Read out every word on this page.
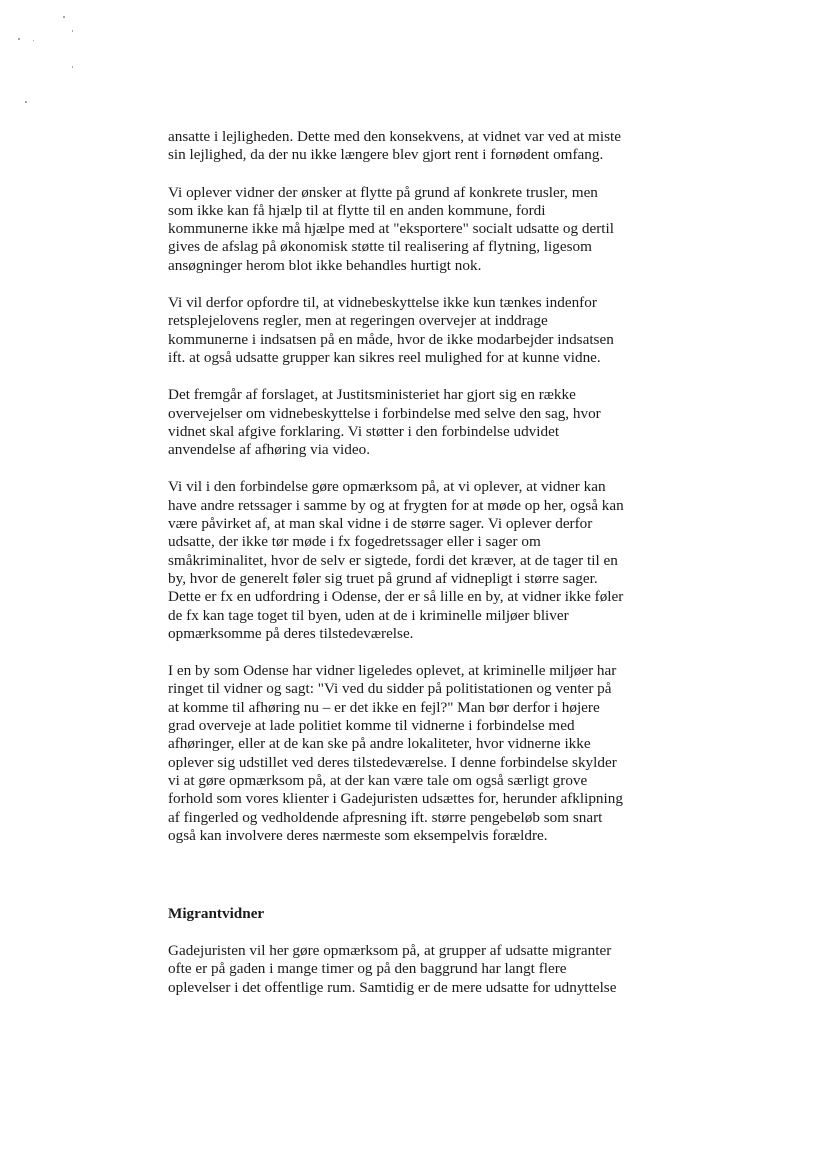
ansatte i lejligheden. Dette med den konsekvens, at vidnet var ved at miste
sin lejlighed, da der nu ikke længere blev gjort rent i fornødent omfang.

Vi oplever vidner der ønsker at flytte på grund af konkrete trusler, men
som ikke kan få hjælp til at flytte til en anden kommune, fordi
kommunerne ikke må hjælpe med at "eksportere" socialt udsatte og dertil
gives de afslag på økonomisk støtte til realisering af flytning, ligesom
ansøgninger herom blot ikke behandles hurtigt nok.

Vi vil derfor opfordre til, at vidnebeskyttelse ikke kun tænkes indenfor
retsplejelovens regler, men at regeringen overvejer at inddrage
kommunerne i indsatsen på en måde, hvor de ikke modarbejder indsatsen
ift. at også udsatte grupper kan sikres reel mulighed for at kunne vidne.

Det fremgår af forslaget, at Justitsministeriet har gjort sig en række
overvejelser om vidnebeskyttelse i forbindelse med selve den sag, hvor
vidnet skal afgive forklaring. Vi støtter i den forbindelse udvidet
anvendelse af afhøring via video.

Vi vil i den forbindelse gøre opmærksom på, at vi oplever, at vidner kan
have andre retssager i samme by og at frygten for at møde op her, også kan
være påvirket af, at man skal vidne i de større sager. Vi oplever derfor
udsatte, der ikke tør møde i fx fogedretssager eller i sager om
småkriminalitet, hvor de selv er sigtede, fordi det kræver, at de tager til en
by, hvor de generelt føler sig truet på grund af vidnepligt i større sager.
Dette er fx en udfordring i Odense, der er så lille en by, at vidner ikke føler
de fx kan tage toget til byen, uden at de i kriminelle miljøer bliver
opmærksomme på deres tilstedeværelse.

I en by som Odense har vidner ligeledes oplevet, at kriminelle miljøer har
ringet til vidner og sagt: "Vi ved du sidder på politistationen og venter på
at komme til afhøring nu – er det ikke en fejl?" Man bør derfor i højere
grad overveje at lade politiet komme til vidnerne i forbindelse med
afhøringer, eller at de kan ske på andre lokaliteter, hvor vidnerne ikke
oplever sig udstillet ved deres tilstedeværelse. I denne forbindelse skylder
vi at gøre opmærksom på, at der kan være tale om også særligt grove
forhold som vores klienter i Gadejuristen udsættes for, herunder afklipning
af fingerled og vedholdende afpresning ift. større pengebeløb som snart
også kan involvere deres nærmeste som eksempelvis forældre.

Migrantvidner

Gadejuristen vil her gøre opmærksom på, at grupper af udsatte migranter
ofte er på gaden i mange timer og på den baggrund har langt flere
oplevelser i det offentlige rum. Samtidig er de mere udsatte for udnyttelse
